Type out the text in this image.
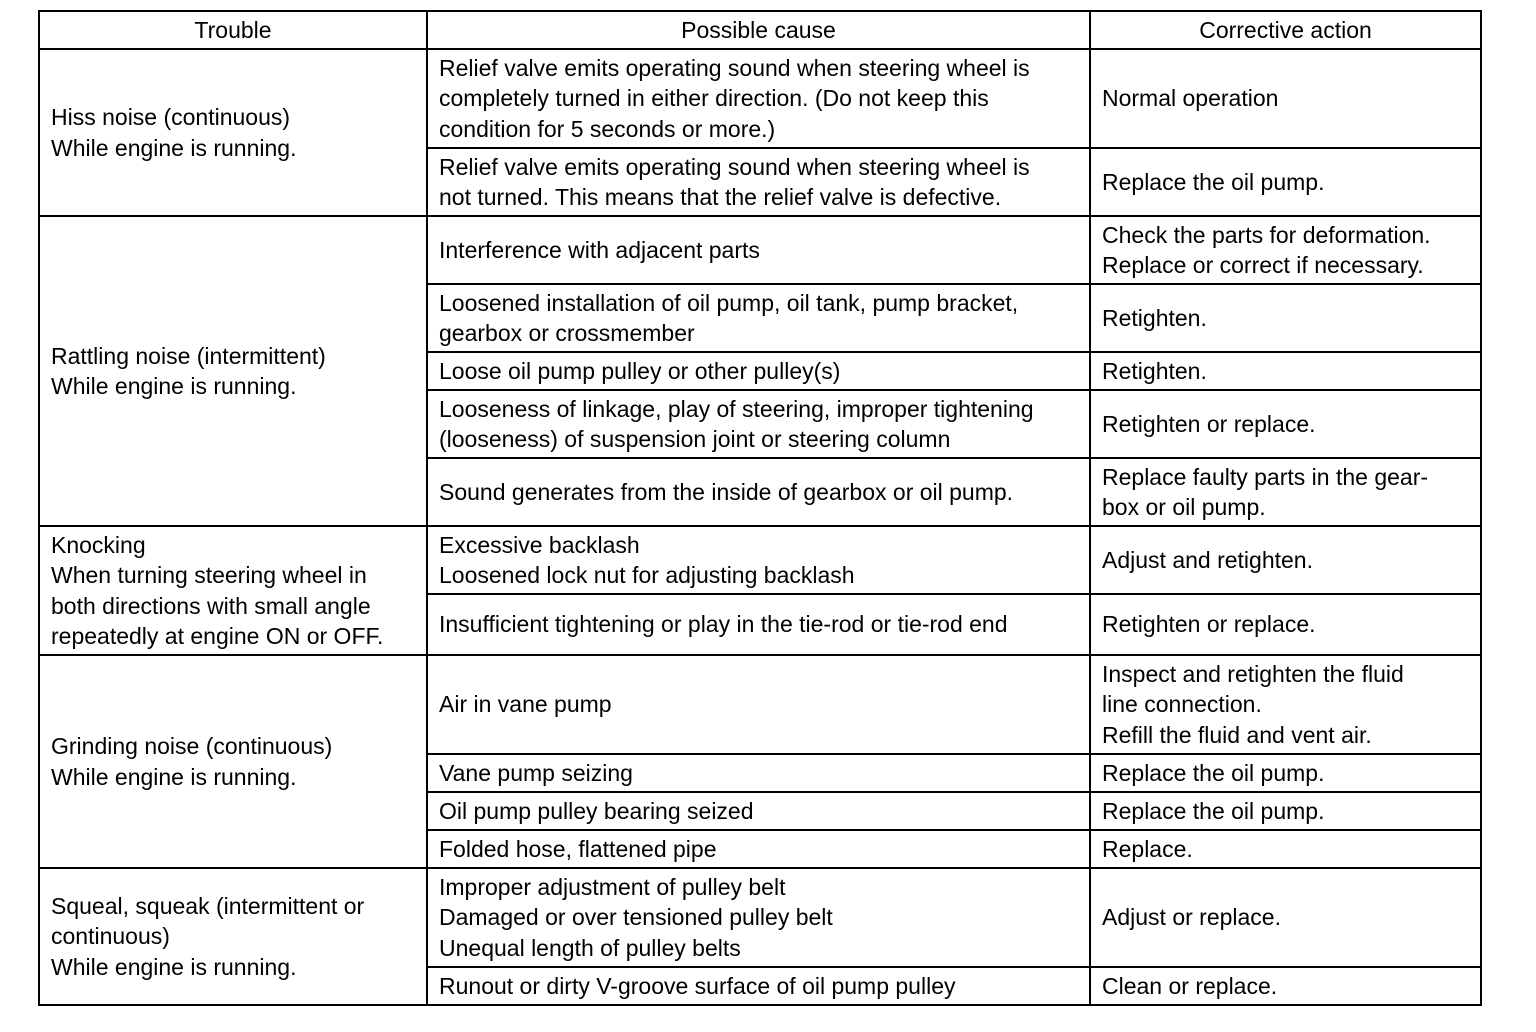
Trouble	Possible cause	Corrective action

Hiss noise (continuous)
While engine is running.	Relief valve emits operating sound when steering wheel is
completely turned in either direction. (Do not keep this
condition for 5 seconds or more.)	Normal operation

	Relief valve emits operating sound when steering wheel is
not turned. This means that the relief valve is defective.	Replace the oil pump.

Rattling noise (intermittent)
While engine is running.	Interference with adjacent parts	Check the parts for deformation.
Replace or correct if necessary.

	Loosened installation of oil pump, oil tank, pump bracket,
gearbox or crossmember	Retighten.

	Loose oil pump pulley or other pulley(s)	Retighten.

	Looseness of linkage, play of steering, improper tightening
(looseness) of suspension joint or steering column	Retighten or replace.

	Sound generates from the inside of gearbox or oil pump.	Replace faulty parts in the gear-
box or oil pump.

Knocking
When turning steering wheel in
both directions with small angle
repeatedly at engine ON or OFF.	Excessive backlash
Loosened lock nut for adjusting backlash	Adjust and retighten.

	Insufficient tightening or play in the tie-rod or tie-rod end	Retighten or replace.

Grinding noise (continuous)
While engine is running.	Air in vane pump	Inspect and retighten the fluid
line connection.
Refill the fluid and vent air.

	Vane pump seizing	Replace the oil pump.

	Oil pump pulley bearing seized	Replace the oil pump.

	Folded hose, flattened pipe	Replace.

Squeal, squeak (intermittent or
continuous)
While engine is running.	Improper adjustment of pulley belt
Damaged or over tensioned pulley belt
Unequal length of pulley belts	Adjust or replace.

	Runout or dirty V-groove surface of oil pump pulley	Clean or replace.
